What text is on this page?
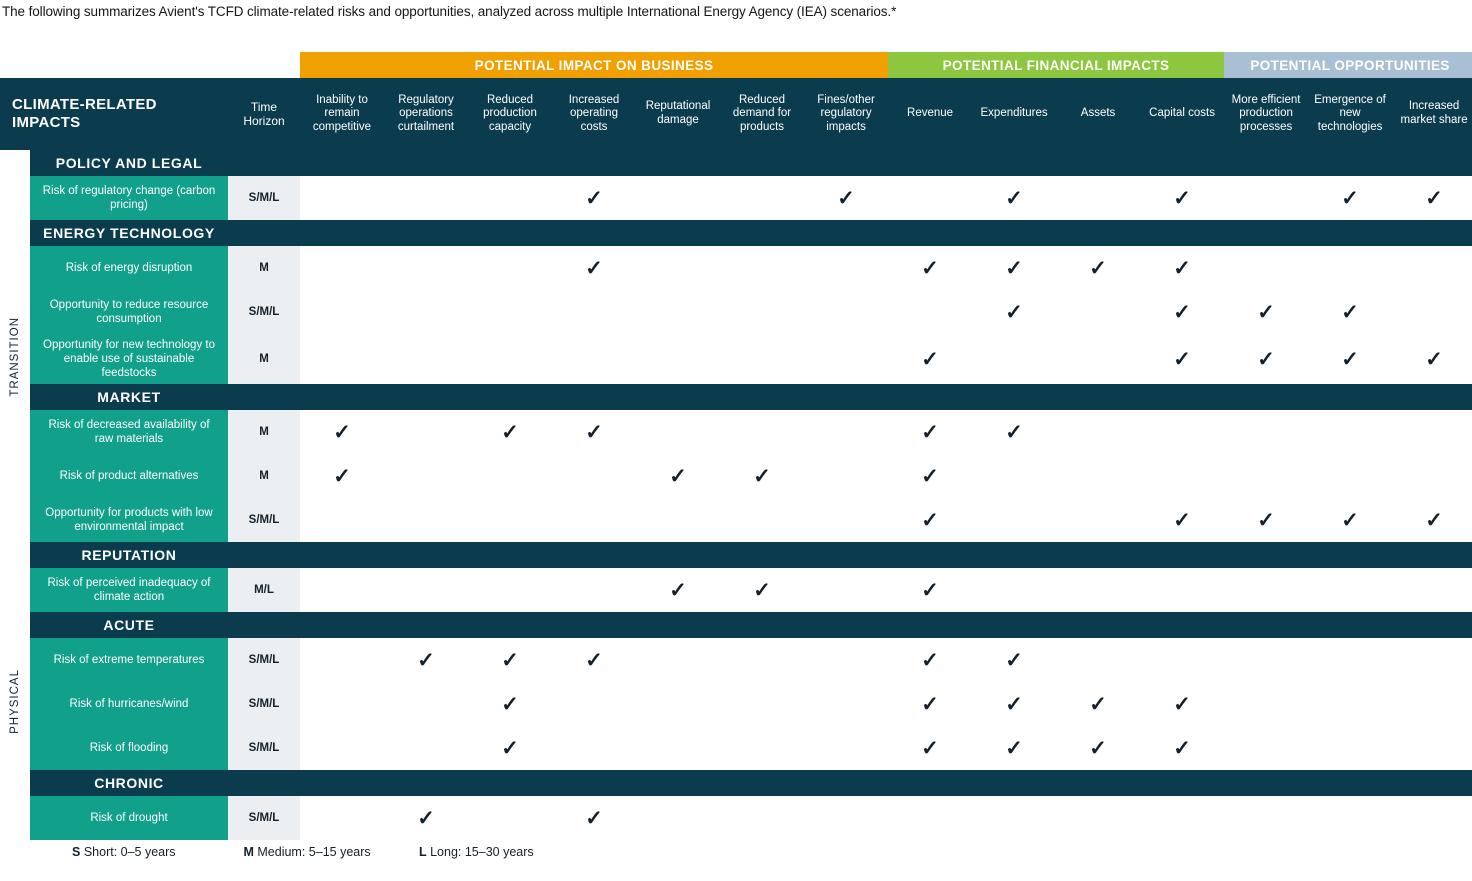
The following summarizes Avient's TCFD climate-related risks and opportunities, analyzed across multiple International Energy Agency (IEA) scenarios.*
			POTENTIAL IMPACT ON BUSINESS							POTENTIAL FINANCIAL IMPACTS				POTENTIAL OPPORTUNITIES		
CLIMATE-RELATED IMPACTS		Time Horizon	Inability to remain competitive	Regulatory operations curtailment	Reduced production capacity	Increased operating costs	Reputational damage	Reduced demand for products	Fines/other regulatory impacts	Revenue	Expenditures	Assets	Capital costs	More efficient production processes	Emergence of new technologies	Increased market share
TRANSITION	POLICY AND LEGAL															
	Risk of regulatory change (carbon pricing)	S/M/L				✓			✓		✓		✓		✓	✓
	ENERGY TECHNOLOGY															
	Risk of energy disruption	M				✓				✓	✓	✓	✓			
	Opportunity to reduce resource consumption	S/M/L									✓		✓	✓	✓	
	Opportunity for new technology to enable use of sustainable feedstocks	M								✓			✓	✓	✓	✓
	MARKET															
	Risk of decreased availability of raw materials	M	✓		✓	✓				✓	✓					
	Risk of product alternatives	M	✓				✓	✓		✓						
	Opportunity for products with low environmental impact	S/M/L								✓			✓	✓	✓	✓
	REPUTATION															
PHYSICAL	Risk of perceived inadequacy of climate action	M/L					✓	✓		✓						
	ACUTE															
	Risk of extreme temperatures	S/M/L		✓	✓	✓				✓	✓					
	Risk of hurricanes/wind	S/M/L			✓					✓	✓	✓	✓			
	Risk of flooding	S/M/L			✓					✓	✓	✓	✓			
	CHRONIC															
	Risk of drought	S/M/L		✓		✓										
S Short: 0–5 years	M Medium: 5–15 years	L Long: 15–30 years
